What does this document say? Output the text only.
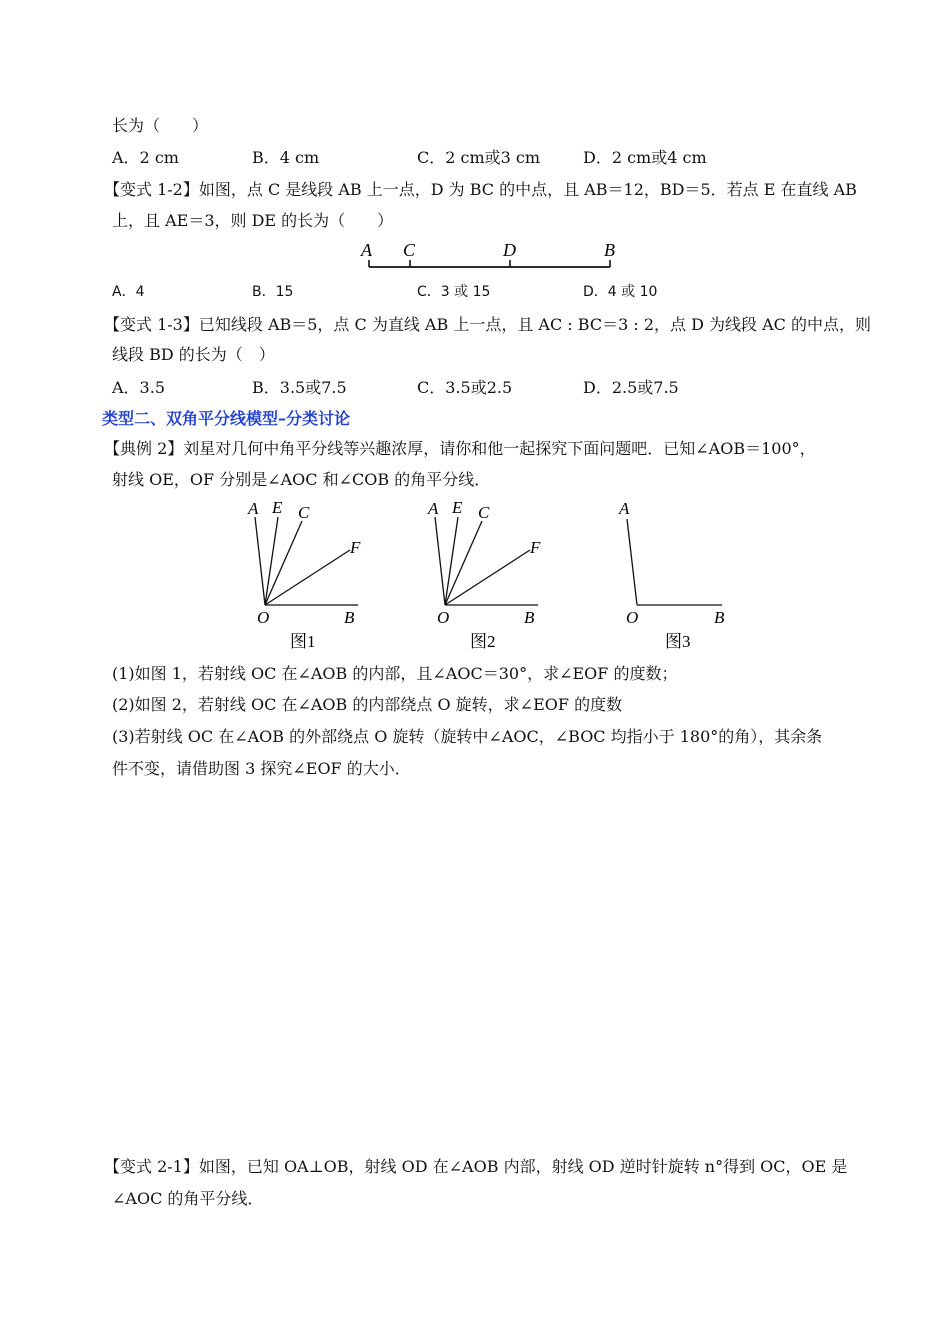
长为（　　）
A．2 cm	B．4 cm	C．2 cm或3 cm	D．2 cm或4 cm
【变式 1-2】如图，点 C 是线段 AB 上一点，D 为 BC 的中点，且 AB＝12，BD＝5．若点 E 在直线 AB
上，且 AE＝3，则 DE 的长为（　　）
A C	D	B
A．4	B．15	C．3 或 15	D．4 或 10
【变式 1-3】已知线段 AB＝5，点 C 为直线 AB 上一点，且 AC : BC＝3 : 2，点 D 为线段 AC 的中点，则
线段 BD 的长为（　）
A．3.5	B．3.5或7.5	C．3.5或2.5	D．2.5或7.5
类型二、双角平分线模型–分类讨论
【典例 2】刘星对几何中角平分线等兴趣浓厚，请你和他一起探究下面问题吧．已知∠AOB＝100°，
射线 OE，OF 分别是∠AOC 和∠COB 的角平分线．
A E C
F
O	B
图1
A E C
F
O	B
图2
A
O	B
图3
(1)如图 1，若射线 OC 在∠AOB 的内部，且∠AOC＝30°，求∠EOF 的度数；
(2)如图 2，若射线 OC 在∠AOB 的内部绕点 O 旋转，求∠EOF 的度数
(3)若射线 OC 在∠AOB 的外部绕点 O 旋转（旋转中∠AOC，∠BOC 均指小于 180°的角），其余条
件不变，请借助图 3 探究∠EOF 的大小．
【变式 2-1】如图，已知 OA⊥OB，射线 OD 在∠AOB 内部，射线 OD 逆时针旋转 n°得到 OC，OE 是
∠AOC 的角平分线．
